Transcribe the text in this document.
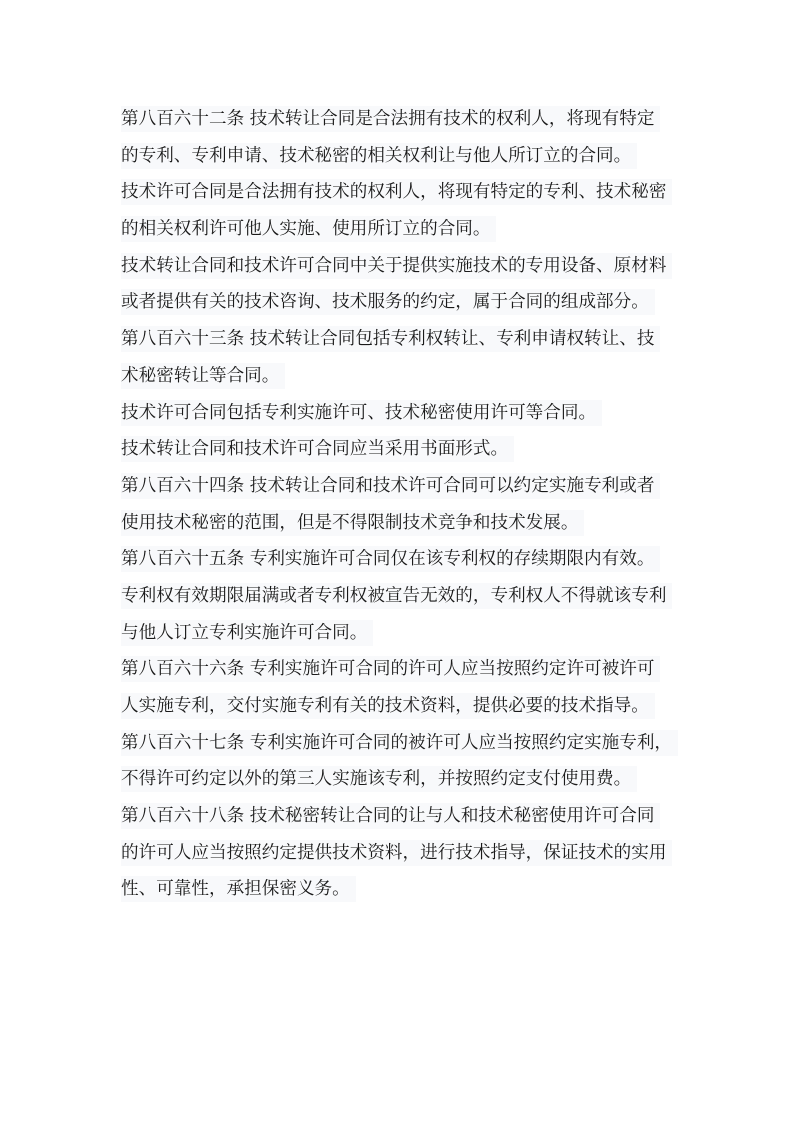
第八百六十二条 技术转让合同是合法拥有技术的权利人，将现有特定
的专利、专利申请、技术秘密的相关权利让与他人所订立的合同。
技术许可合同是合法拥有技术的权利人，将现有特定的专利、技术秘密
的相关权利许可他人实施、使用所订立的合同。
技术转让合同和技术许可合同中关于提供实施技术的专用设备、原材料
或者提供有关的技术咨询、技术服务的约定，属于合同的组成部分。
第八百六十三条 技术转让合同包括专利权转让、专利申请权转让、技
术秘密转让等合同。
技术许可合同包括专利实施许可、技术秘密使用许可等合同。
技术转让合同和技术许可合同应当采用书面形式。
第八百六十四条 技术转让合同和技术许可合同可以约定实施专利或者
使用技术秘密的范围，但是不得限制技术竞争和技术发展。
第八百六十五条 专利实施许可合同仅在该专利权的存续期限内有效。
专利权有效期限届满或者专利权被宣告无效的，专利权人不得就该专利
与他人订立专利实施许可合同。
第八百六十六条 专利实施许可合同的许可人应当按照约定许可被许可
人实施专利，交付实施专利有关的技术资料，提供必要的技术指导。
第八百六十七条 专利实施许可合同的被许可人应当按照约定实施专利，
不得许可约定以外的第三人实施该专利，并按照约定支付使用费。
第八百六十八条 技术秘密转让合同的让与人和技术秘密使用许可合同
的许可人应当按照约定提供技术资料，进行技术指导，保证技术的实用
性、可靠性，承担保密义务。
